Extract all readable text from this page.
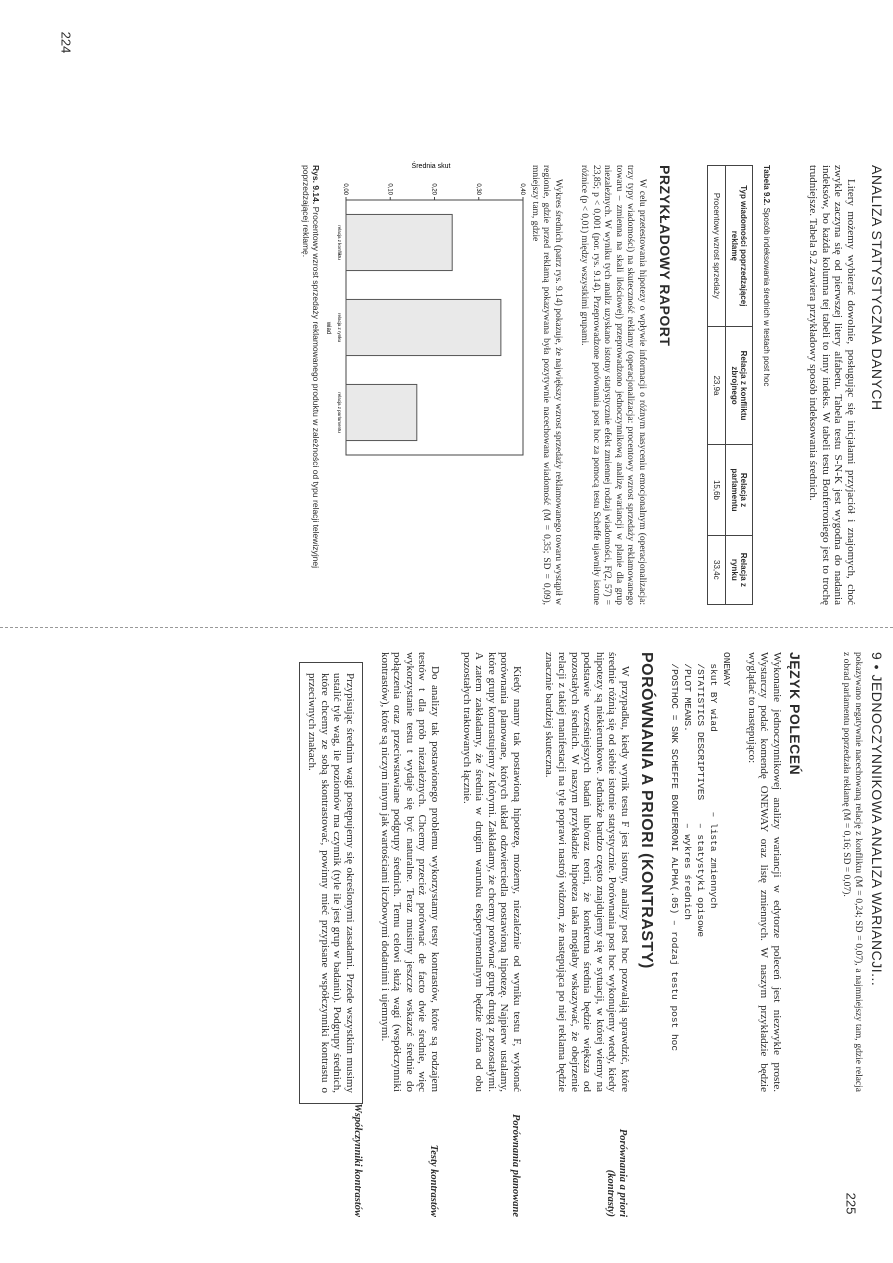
224
225
ANALIZA STATYSTYCZNA DANYCH

Litery możemy wybierać dowolnie, posługując się inicjałami przyjaciół i znajomych, choć zwykle zaczyna się od pierwszej litery alfabetu. Tabela testu S-N-K jest wygodna do nadania indeksów, bo każda kolumna tej tabeli to inny indeks. W tabeli testu Bonferroniego jest to trochę trudniejsze. Tabela 9.2 zawiera przykładowy sposób indeksowania średnich.

Tabela 9.2. Sposób indeksowania średnich w testach post hoc
Typ wiadomości poprzedzającej reklamę	Relacja z konfliktu zbrojnego	Relacja z parlamentu	Relacja z rynku
Procentowy wzrost sprzedaży	23,9a	15,6b	33,4c
PRZYKŁADOWY RAPORT

W celu przetestowania hipotezy o wpływie informacji o różnym nasyceniu emocjonalnym (operacjonalizacja: trzy typy wiadomości) na skuteczność reklamy (operacjonalizacja: procentowy wzrost sprzedaży reklamowanego towaru – zmienna na skali ilościowej) przeprowadzono jednoczynnikową analizę wariancji w planie dla grup niezależnych. W wyniku tych analiz uzyskano istotny statystycznie efekt zmiennej rodzaj wiadomości, F(2, 57) = 23,85; p < 0,001 (por. rys. 9.14). Przeprowadzone porównania post hoc za pomocą testu Scheffe ujawniły istotne różnice (p < 0,01) między wszystkimi grupami.

Wykres średnich (patrz rys. 9.14) pokazuje, że największy wzrost sprzedaży reklamowanego towaru wystąpił w regionie, gdzie przed reklamą pokazywana była pozytywnie nacechowana wiadomość (M = 0,35; SD = 0,09), mniejszy tam, gdzie

Średnia skut
0,00	0,10	0,20	0,30	0,40
relacja z konfliktu
relacja z rynku
relacja z parlamentu
wiad
Rys. 9.14. Procentowy wzrost sprzedaży reklamowanego produktu w zależności od typu relacji telewizyjnej poprzedzającej reklamę.
9 • JEDNOCZYNNIKOWA ANALIZA WARIANCJI...

pokazywano negatywnie nacechowaną relację z konfliktu (M = 0,24; SD = 0,07), a najmniejszy tam, gdzie relacja z obrad parlamentu poprzedzała reklamę (M = 0,16; SD = 0,07).

JĘZYK POLECEŃ

Wykonanie jednoczynnikowej analizy wariancji w edytorze poleceń jest niezwykle proste. Wystarczy podać komendę ONEWAY oraz listę zmiennych. W naszym przykładzie będzie wyglądać to następująco:

ONEWAY
skut BY wiad              – lista zmiennych
/STATISTICS DESCRIPTIVES    – statystyki opisowe
/PLOT MEANS.                – wykres średnich
/POSTHOC = SNK SCHEFFE BONFERRONI ALPHA(.05) – rodzaj testu post hoc
PORÓWNANIA A PRIORI (KONTRASTY)

W przypadku, kiedy wynik testu F jest istotny, analizy post hoc pozwalają sprawdzić, które średnie różnią się od siebie istotnie statystycznie. Porównania post hoc wykonujemy wtedy, kiedy hipotezy są niekierunkowe. Jednakże bardzo często znajdujemy się w sytuacji, w której wiemy na podstawie wcześniejszych badań lub/oraz teorii, że konkretna średnia będzie większa od pozostałych średnich. W naszym przykładzie hipoteza taka mogłaby wskazywać, że obejrzenie relacji z takiej manifestacji na tyle poprawi nastrój widzom, że następująca po niej reklama będzie znacznie bardziej skuteczna.

Kiedy mamy tak postawioną hipotezę, możemy, niezależnie od wyniku testu F, wykonać porównania planowane, których układ odzwierciedla postawioną hipotezę. Najpierw ustalamy, które grupy kontrastujemy z którymi. Zakładamy, że chcemy porównać grupę drugą z pozostałymi. A zatem zakładamy, że średnia w drugim warunku eksperymentalnym będzie różna od obu pozostałych traktowanych łącznie.

Do analizy tak postawionego problemu wykorzystamy testy kontrastów, które są rodzajem testów t dla prób niezależnych. Chcemy przecież porównać de facto dwie średnie, więc wykorzystanie testu t wydaje się być naturalne. Teraz musimy jeszcze wskazać średnie do połączenia oraz przeciwstawiane podgrupy średnich. Temu celowi służą wagi (współczynniki kontrastów), które są niczym innym jak wartościami liczbowymi dodatnimi i ujemnymi.

Przypisując średnim wagi postępujemy się określonymi zasadami. Przede wszystkim musimy ustalić tyle wag, ile poziomów ma czynnik (tyle ile jest grup w badaniu). Podgrupy średnich, które chcemy ze sobą skontrastować, powinny mieć przypisane współczynniki kontrastu o przeciwnych znakach.
Porównania a priori (kontrasty)
Porównania planowane
Testy kontrastów
Współczynniki kontrastów
